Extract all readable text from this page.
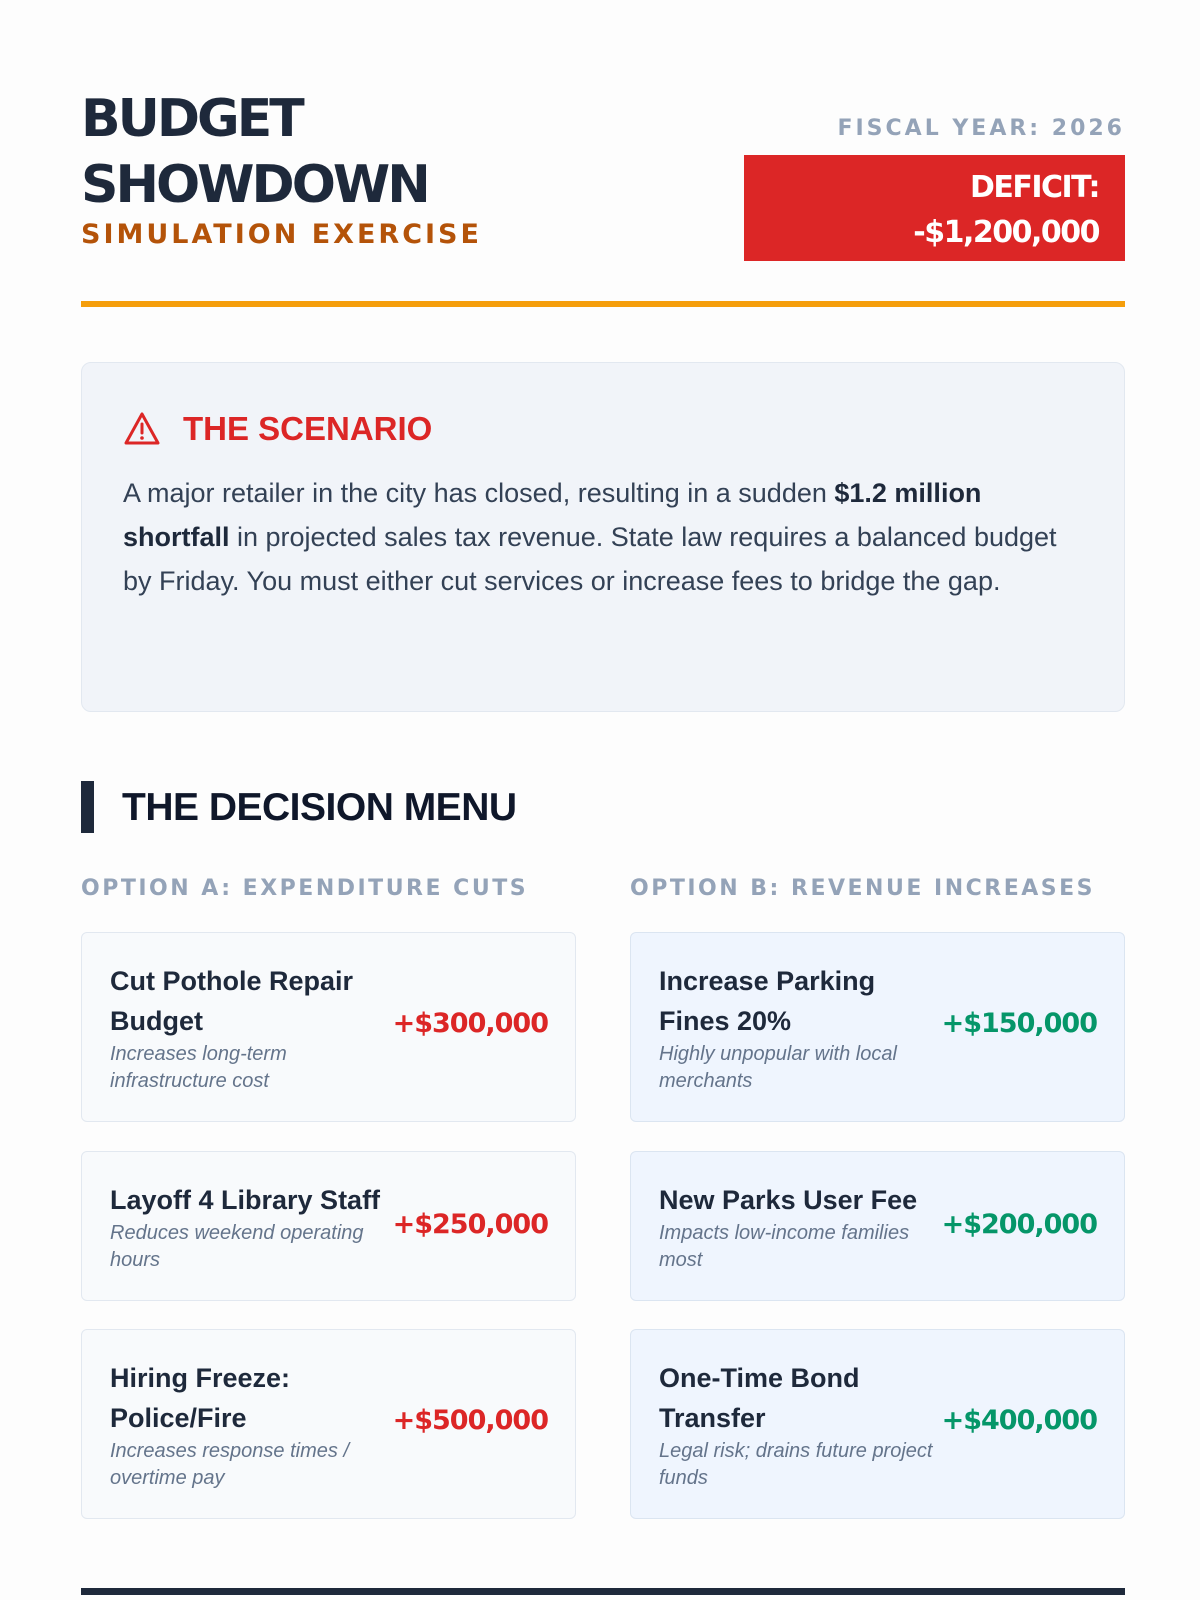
BUDGET
SHOWDOWN
SIMULATION EXERCISE
FISCAL YEAR: 2026
DEFICIT:
-$1,200,000
THE SCENARIO

A major retailer in the city has closed, resulting in a sudden $1.2 million shortfall in projected sales tax revenue. State law requires a balanced budget by Friday. You must either cut services or increase fees to bridge the gap.

THE DECISION MENU
OPTION A: EXPENDITURE CUTS	OPTION B: REVENUE INCREASES
Cut Pothole Repair Budget
Increases long-term infrastructure cost
+$300,000
Layoff 4 Library Staff
Reduces weekend operating hours
+$250,000
Hiring Freeze: Police/Fire
Increases response times / overtime pay
+$500,000
Increase Parking Fines 20%
Highly unpopular with local merchants
+$150,000
New Parks User Fee
Impacts low-income families most
+$200,000
One-Time Bond Transfer
Legal risk; drains future project funds
+$400,000
